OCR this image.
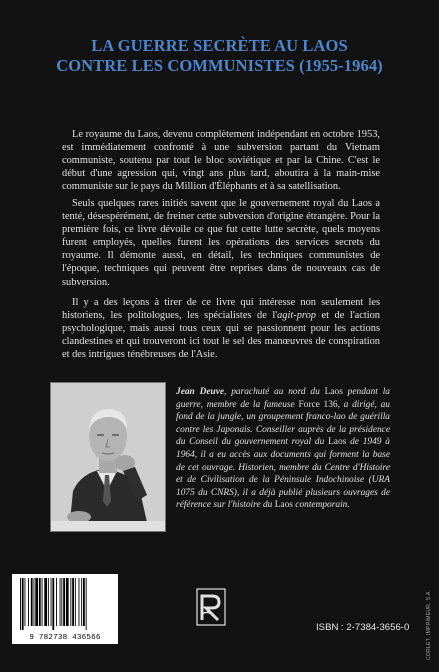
LA GUERRE SECRÈTE AU LAOS
CONTRE LES COMMUNISTES (1955-1964)
Le royaume du Laos, devenu complètement indépendant en octobre 1953, est immédiatement confronté à une subversion partant du Vietnam communiste, soutenu par tout le bloc soviétique et par la Chine. C'est le début d'une agression qui, vingt ans plus tard, aboutira à la main-mise communiste sur le pays du Million d'Éléphants et à sa satellisation.
Seuls quelques rares initiés savent que le gouvernement royal du Laos a tenté, désespérément, de freiner cette subversion d'origine étrangère. Pour la première fois, ce livre dévoile ce que fut cette lutte secrète, quels moyens furent employés, quelles furent les opérations des services secrets du royaume. Il démonte aussi, en détail, les techniques communistes de l'époque, techniques qui peuvent être reprises dans de nouveaux cas de subversion.
Il y a des leçons à tirer de ce livre qui intéresse non seulement les historiens, les politologues, les spécialistes de l'agit-prop et de l'action psychologique, mais aussi tous ceux qui se passionnent pour les actions clandestines et qui trouveront ici tout le sel des manœuvres de conspiration et des intrigues ténébreuses de l'Asie.
Jean Deuve, parachuté au nord du Laos pendant la guerre, membre de la fameuse Force 136, a dirigé, au fond de la jungle, un groupement franco-lao de guérilla contre les Japonais. Conseiller auprès de la présidence du Conseil du gouvernement royal du Laos de 1949 à 1964, il a eu accès aux documents qui forment la base de cet ouvrage. Historien, membre du Centre d'Histoire et de Civilisation de la Péninsule Indochinoise (URA 1075 du CNRS), il a déjà publié plusieurs ouvrages de référence sur l'histoire du Laos contemporain.
9 782738 436566
ISBN : 2-7384-3656-0	CORLET, IMPRIMEUR, S.A.
